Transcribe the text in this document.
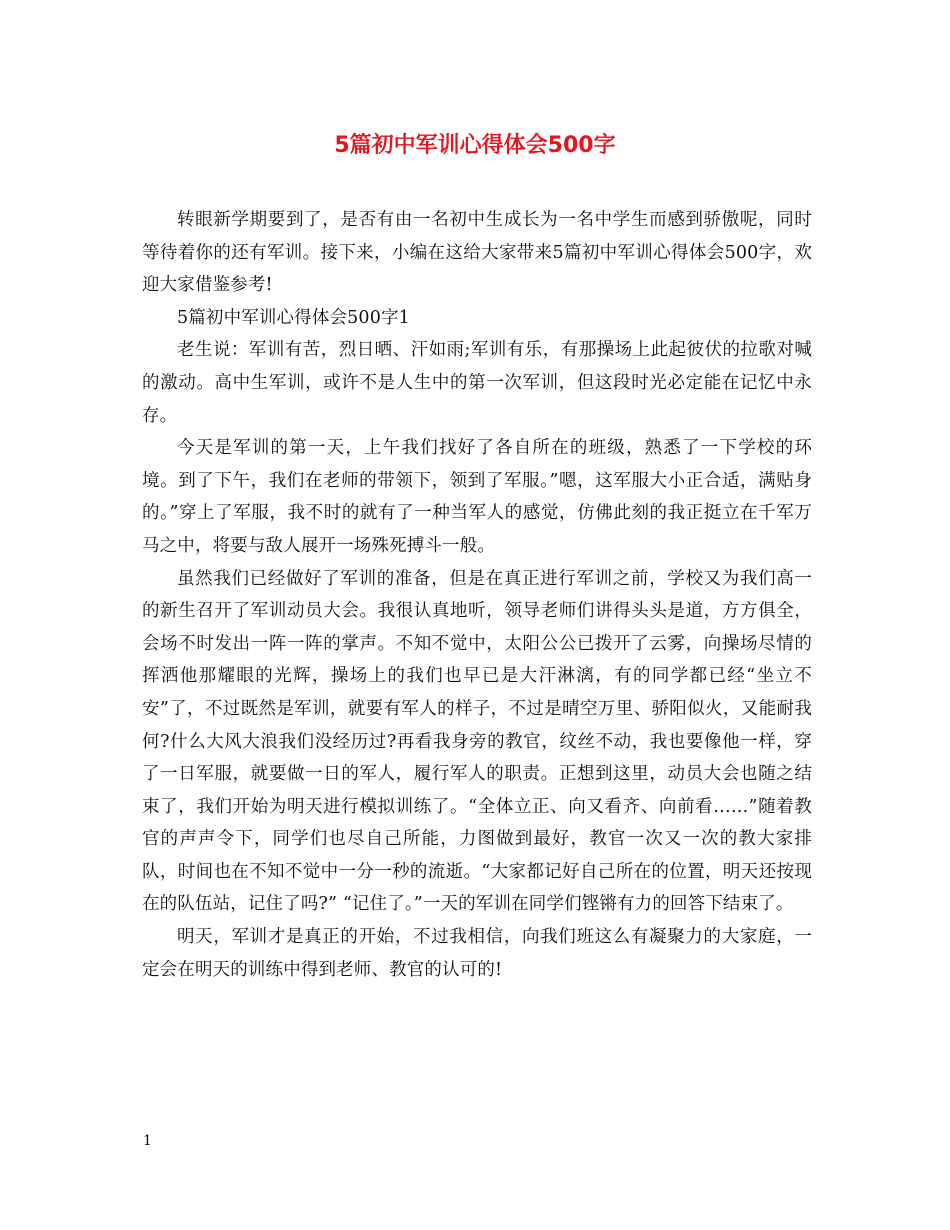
5篇初中军训心得体会500字

转眼新学期要到了，是否有由一名初中生成长为一名中学生而感到骄傲呢，同时等待着你的还有军训。接下来，小编在这给大家带来5篇初中军训心得体会500字，欢迎大家借鉴参考!

5篇初中军训心得体会500字1

老生说：军训有苦，烈日晒、汗如雨;军训有乐，有那操场上此起彼伏的拉歌对喊的激动。高中生军训，或许不是人生中的第一次军训，但这段时光必定能在记忆中永存。

今天是军训的第一天，上午我们找好了各自所在的班级，熟悉了一下学校的环境。到了下午，我们在老师的带领下，领到了军服。”嗯，这军服大小正合适，满贴身的。”穿上了军服，我不时的就有了一种当军人的感觉，仿佛此刻的我正挺立在千军万马之中，将要与敌人展开一场殊死搏斗一般。

虽然我们已经做好了军训的准备，但是在真正进行军训之前，学校又为我们高一的新生召开了军训动员大会。我很认真地听，领导老师们讲得头头是道，方方俱全，会场不时发出一阵一阵的掌声。不知不觉中，太阳公公已拨开了云雾，向操场尽情的挥洒他那耀眼的光辉，操场上的我们也早已是大汗淋漓，有的同学都已经“坐立不安”了，不过既然是军训，就要有军人的样子，不过是晴空万里、骄阳似火，又能耐我何?什么大风大浪我们没经历过?再看我身旁的教官，纹丝不动，我也要像他一样，穿了一日军服，就要做一日的军人，履行军人的职责。正想到这里，动员大会也随之结束了，我们开始为明天进行模拟训练了。“全体立正、向又看齐、向前看……”随着教官的声声令下，同学们也尽自己所能，力图做到最好，教官一次又一次的教大家排队，时间也在不知不觉中一分一秒的流逝。“大家都记好自己所在的位置，明天还按现在的队伍站，记住了吗?” “记住了。”一天的军训在同学们铿锵有力的回答下结束了。

明天，军训才是真正的开始，不过我相信，向我们班这么有凝聚力的大家庭，一定会在明天的训练中得到老师、教官的认可的!

1
